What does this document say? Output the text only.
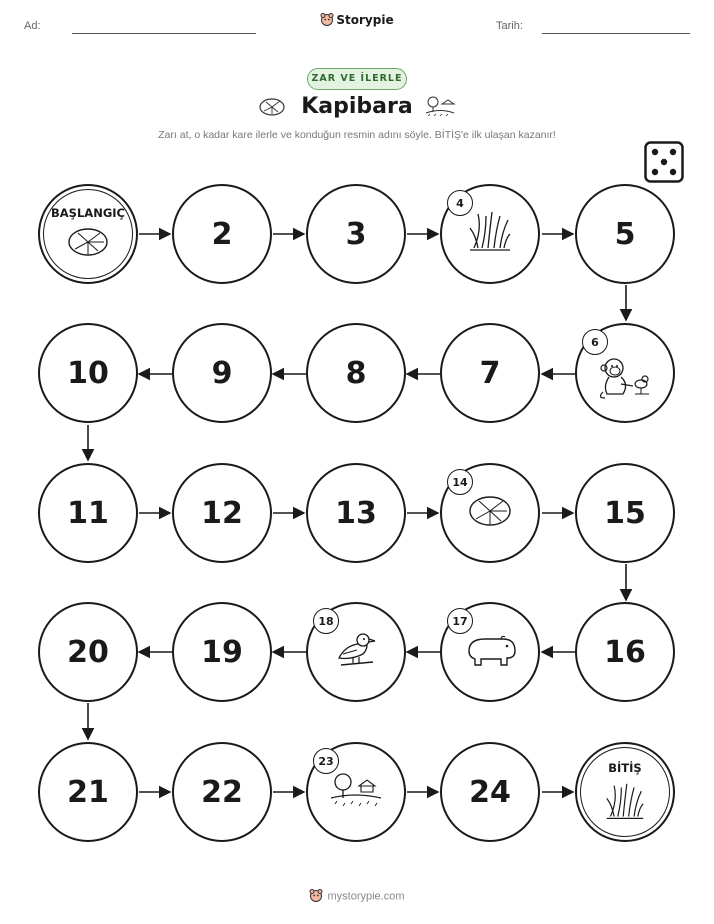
Ad:	Storypie	Tarih:
ZAR VE İLERLE
Kapibara
Zarı at, o kadar kare ilerle ve konduğun resmin adını söyle. BİTİŞ'e ilk ulaşan kazanır!
BAŞLANGIÇ
2	3
4
5
6
7
8
9
10
11	12	13
14
15
16
17
18
19
20
21	22
23
24
BİTİŞ
mystorypie.com
